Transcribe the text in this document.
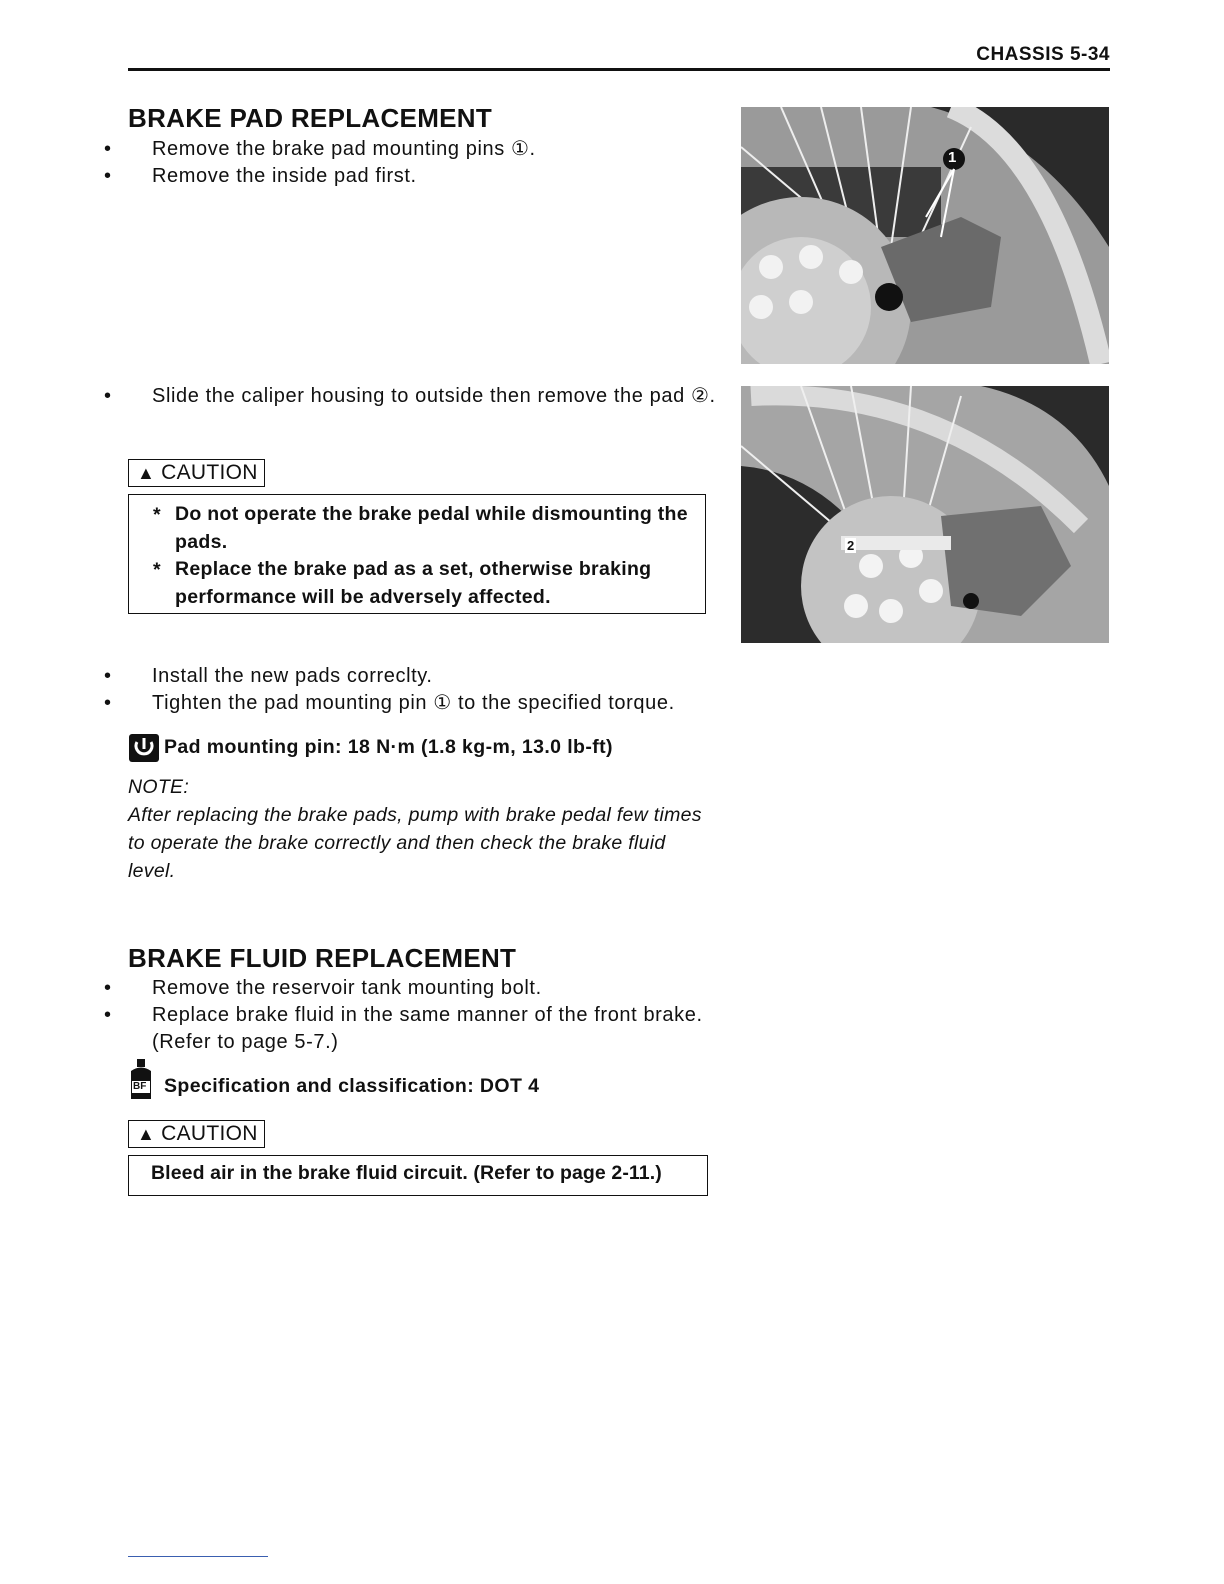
CHASSIS 5-34
BRAKE PAD REPLACEMENT
• Remove the brake pad mounting pins ①.
• Remove the inside pad first.
• Slide the caliper housing to outside then remove the pad ②.
▲ CAUTION
* Do not operate the brake pedal while dismounting the pads.
* Replace the brake pad as a set, otherwise braking performance will be adversely affected.
• Install the new pads correclty.
• Tighten the pad mounting pin ① to the specified torque.
Pad mounting pin: 18 N·m (1.8 kg-m, 13.0 lb-ft)
NOTE:
After replacing the brake pads, pump with brake pedal few times to operate the brake correctly and then check the brake fluid level.
BRAKE FLUID REPLACEMENT
• Remove the reservoir tank mounting bolt.
• Replace brake fluid in the same manner of the front brake. (Refer to page 5-7.)
BF Specification and classification: DOT 4
▲ CAUTION
Bleed air in the brake fluid circuit. (Refer to page 2-11.)
1
2
